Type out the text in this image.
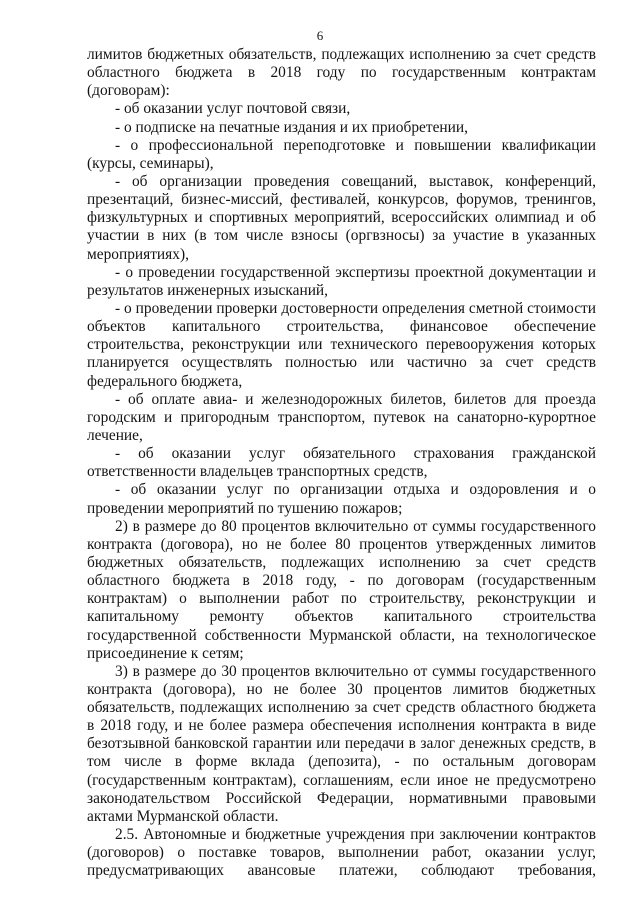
6
лимитов бюджетных обязательств, подлежащих исполнению за счет средств
областного бюджета в 2018 году по государственным контрактам
(договорам):
- об оказании услуг почтовой связи,
- о подписке на печатные издания и их приобретении,
- о профессиональной переподготовке и повышении квалификации
(курсы, семинары),
- об организации проведения совещаний, выставок, конференций,
презентаций, бизнес-миссий, фестивалей, конкурсов, форумов, тренингов,
физкультурных и спортивных мероприятий, всероссийских олимпиад и об
участии в них (в том числе взносы (оргвзносы) за участие в указанных
мероприятиях),
- о проведении государственной экспертизы проектной документации и
результатов инженерных изысканий,
- о проведении проверки достоверности определения сметной стоимости
объектов капитального строительства, финансовое обеспечение
строительства, реконструкции или технического перевооружения которых
планируется осуществлять полностью или частично за счет средств
федерального бюджета,
- об оплате авиа- и железнодорожных билетов, билетов для проезда
городским и пригородным транспортом, путевок на санаторно-курортное
лечение,
- об оказании услуг обязательного страхования гражданской
ответственности владельцев транспортных средств,
- об оказании услуг по организации отдыха и оздоровления и о
проведении мероприятий по тушению пожаров;
2) в размере до 80 процентов включительно от суммы государственного
контракта (договора), но не более 80 процентов утвержденных лимитов
бюджетных обязательств, подлежащих исполнению за счет средств
областного бюджета в 2018 году, - по договорам (государственным
контрактам) о выполнении работ по строительству, реконструкции и
капитальному ремонту объектов капитального строительства
государственной собственности Мурманской области, на технологическое
присоединение к сетям;
3) в размере до 30 процентов включительно от суммы государственного
контракта (договора), но не более 30 процентов лимитов бюджетных
обязательств, подлежащих исполнению за счет средств областного бюджета
в 2018 году, и не более размера обеспечения исполнения контракта в виде
безотзывной банковской гарантии или передачи в залог денежных средств, в
том числе в форме вклада (депозита), - по остальным договорам
(государственным контрактам), соглашениям, если иное не предусмотрено
законодательством Российской Федерации, нормативными правовыми
актами Мурманской области.
2.5. Автономные и бюджетные учреждения при заключении контрактов
(договоров) о поставке товаров, выполнении работ, оказании услуг,
предусматривающих авансовые платежи, соблюдают требования,
